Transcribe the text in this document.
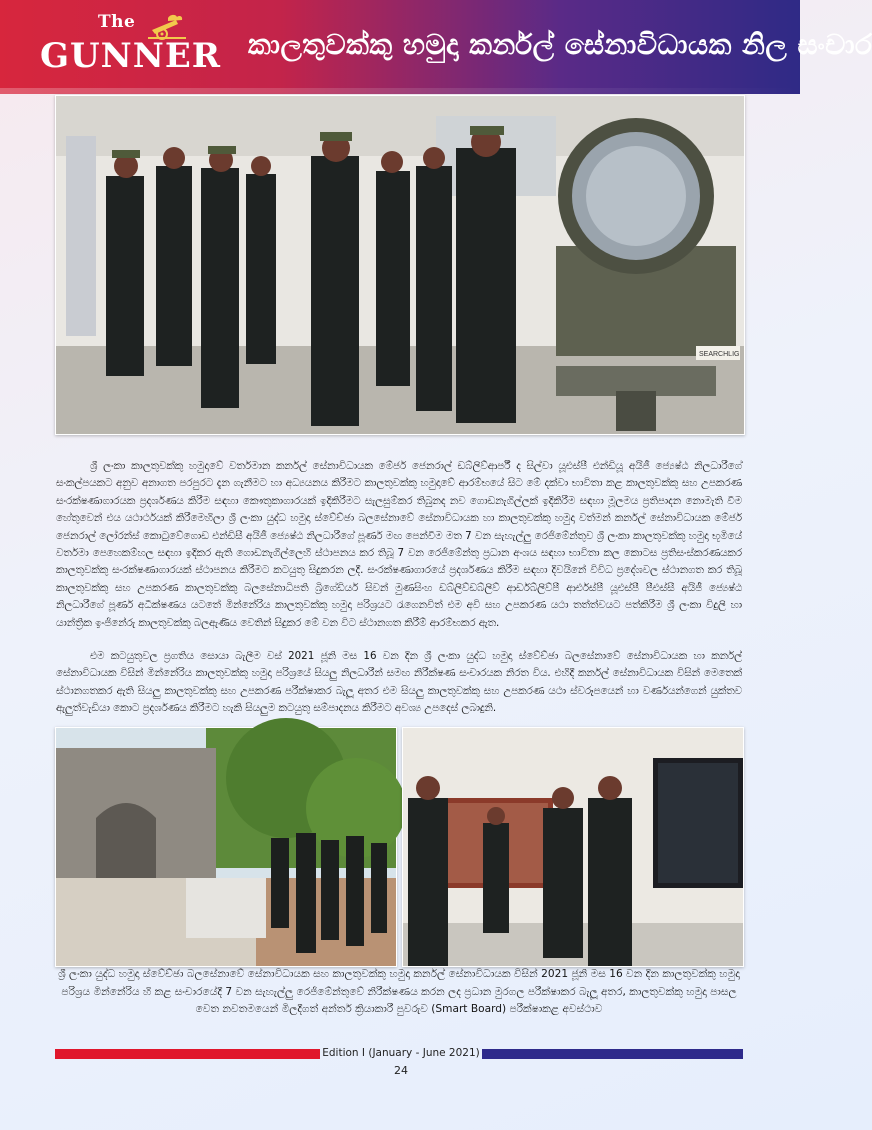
The
GUNNER කාලතුවක්කු හමුදා කර්නල් සේනාවිධායක නිල සංචාර
SEARCHLIG

ශ්‍රී ලංකා කාලතුවක්කු හමුදාවේ වර්තමාන කර්නල් සේනාවිධායක මේජර් ජෙනරාල් ඩබ්ලිව්ආර්පී ද සිල්වා යූඑස්පී එන්ඩියූ අයිජී ජ්‍යෙෂ්ඨ නිලධාරීගේ සංකල්පයකට අනුව අනාගත පරපුරට දැන ගැනීමට හා අධ්‍යයනය කිරීමට කාලතුවක්කු හමුදාවේ ආරම්භයේ සිට මේ දක්වා භාවිතා කළ කාලතුවක්කු සහ උපකරණ සංරක්ෂණාගාරයක ප්‍රදර්ශණය කිරීම සඳහා කෞතුකාගාරයක් ඉදිකිරීමට සැලසුම්කර තිබුනද නව ගොඩනැගිල්ලක් ඉදිකිරීම සඳහා මූලමය ප්‍රතිපාදන නොමැති වීම හේතුවෙන් එය යථාර්ථයක් කිරීමෙහිලා ශ්‍රී ලංකා යුද්ධ හමුදා ස්වේච්ඡා බලසේනාවේ සේනාවිධායක හා කාලතුවක්කු හමුදා වත්මන් කර්නල් සේනාවිධායක මේජර් ජෙනරාල් ලෝරන්ස් කොටුවේගොඩ එන්ඩිසී අයිජී ජ්‍යෙෂ්ඨ නිලධාරීගේ පූර්ණ මඟ පෙන්වීම මත 7 වන සැහැල්ලු රෙජිමේන්තුව ශ්‍රී ලංකා කාලතුවක්කු හමුදා භූමියේ වර්තමා පෙහෙකම්හල සඳහා ඉදිකර ඇති ගොඩනැගිල්ලෙහි ස්ථාපනය කර තිබූ 7 වන රෙජිමේන්තු ප්‍රධාන අංශය සඳහා භාවිතා කල කොටස ප්‍රතිසංස්කරණයකර කාලතුවක්කු සංරක්ෂණාගාරයක් ස්ථාපනය කිරීමට කටයුතු සිදුකරන ලදී. සංරක්ෂණාගාරයේ ප්‍රදර්ශණය කිරීම සඳහා දිවයිනේ විවිධ ප්‍රදේශවල ස්ථානගත කර තිබූ කාලතුවක්කු සහ උපකරණ කාලතුවක්කු බලසේනාධිපති බ්‍රිගේඩියර් සිවන් මුණසිංහ ඩබ්ලිව්ඩබ්ලිව් ආර්ඩබ්ලිව්පී ආර්එස්පී යූඑස්පී පීඑස්සී අයිජී ජ්‍යෙෂ්ඨ නිලධාරීගේ පූර්ණ අධීක්ෂණය යටතේ මින්නේරිය කාලතුවක්කු හමුදා පරිශ්‍රයට රැගෙනවිත් එම අවි සහ උපකරණ යථා තත්ත්වයට පත්කිරීම ශ්‍රී ලංකා විදුලි හා යාන්ත්‍රික ඉංජිනේරු කාලතුවක්කු බලඇණිය වෙතින් සිදුකර මේ වන විට ස්ථානගත කිරීම් ආරම්භකර ඇත.

එම කටයුතුවල ප්‍රගතිය සොයා බැලීම වස් 2021 ජූනි මස 16 වන දින ශ්‍රී ලංකා යුද්ධ හමුදා ස්වේච්ඡා බලසේනාවේ සේනාවිධායක හා කර්නල් සේනාවිධායක විසින් මින්නේරිය කාලතුවක්කු හමුදා පරිශ්‍රයේ සියලු නිලධාරීන් සමඟ නිරීක්ෂණ සංචාරයක නිරත විය. එහිදී කර්නල් සේනාවිධායක විසින් මෙතෙක් ස්ථානගතකර ඇති සියලු කාලතුවක්කු සහ උපකරණ පරීක්ෂාකර බැලූ අතර එම සියලු කාලතුවක්කු සහ උපකරණ යථා ස්වරූපයෙන් හා වර්ණයන්ගෙන් යුක්තව ඇලුත්වැඩියා කොට ප්‍රදර්ශණය කිරීමට හැකි සියලුම කටයුතු සම්පාදනය කිරීමට අවශ්‍ය උපදෙස් ලබාදුනි.

ශ්‍රී ලංකා යුද්ධ හමුදා ස්වේච්ඡා බලසේනාවේ සේනාවිධායක සහ කාලතුවක්කු හමුදා කර්නල් සේනාවිධායක විසින් 2021 ජූනි මස 16 වන දින කාලතුවක්කු හමුදා පරිශ්‍රය මින්නේරිය හි කළ සංචාරයේදී 7 වන සැහැල්ලු රෙජිමේන්තුවේ නිරීක්ෂණය කරන ලද ප්‍රධාන මුරගල පරීක්ෂාකර බැලූ අතර, කාලතුවක්කු හමුදා පාසල වෙත නවතමයෙන් මිලදීගත් අන්තර් ක්‍රියාකාරී පුවරුව (Smart Board) පරීක්ෂාකළ අවස්ථාව

Edition I (January - June 2021)
24
